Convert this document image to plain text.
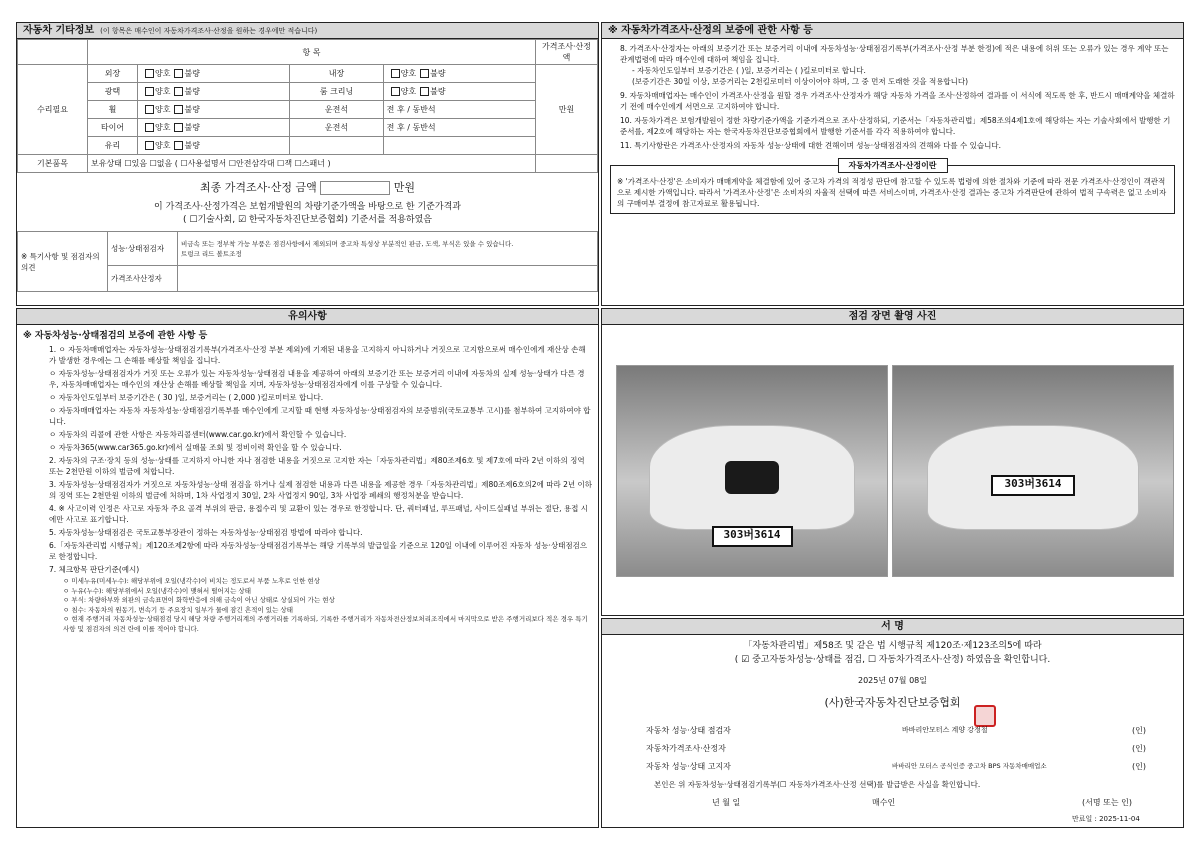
자동차 기타정보 (이 항목은 매수인이 자동차가격조사·산정을 원하는 경우에만 적습니다)
	항 목				가격조사·산정액
수리필요	외장	양호 불량	내장	양호 불량	만원
	광택	양호 불량	룸 크리닝	양호 불량	
	휠	양호 불량	운전석	전 후 / 동반석	
	타이어	양호 불량	운전석	전 후 / 동반석	
	유리	양호 불량			
기본품목	보유상태 ☐있음 ☐없음 ( ☐사용설명서 ☐안전삼각대 ☐잭 ☐스패너 )				
최종 가격조사·산정 금액	만원
이 가격조사·산정가격은 보험개발원의 차량기준가액을 바탕으로 한 기준가격과
( ☐기술사회, ☑ 한국자동차진단보증협회) 기준서를 적용하였음
※ 특기사항 및 점검자의 의견	성능·상태점검자	비금속 또는 정부착 가능 부품은 점검사항에서 제외되며 중고차 특성상 부분적인 판금, 도색, 부식은 있을 수 있습니다.
트렁크 리드 볼트조정
	가격조사산정자	
※ 자동차가격조사·산정의 보증에 관한 사항 등

8. 가격조사·산정자는 아래의 보증기간 또는 보증거리 이내에 자동차성능·상태점검기록부(가격조사·산정 부분 한정)에 적은 내용에 허위 또는 오류가 있는 경우 계약 또는 관계법령에 따라 매수인에 대하여 책임을 집니다.

- 자동차인도일부터 보증기간은 ( )일, 보증거리는 ( )킬로미터로 합니다.

(보증기간은 30일 이상, 보증거리는 2천킬로미터 이상이어야 하며, 그 중 먼저 도래한 것을 적용합니다)

9. 자동차매매업자는 매수인이 가격조사·산정을 원할 경우 가격조사·산정자가 해당 자동차 가격을 조사·산정하여 결과를 이 서식에 적도록 한 후, 반드시 매매계약을 체결하기 전에 매수인에게 서면으로 고지하여야 합니다.

10. 자동차가격은 보험개발원이 정한 차량기준가액을 기준가격으로 조사·산정하되, 기준서는「자동차관리법」제58조의4제1호에 해당하는 자는 기술사회에서 발행한 기준서를, 제2호에 해당하는 자는 한국자동차진단보증협회에서 발행한 기준서를 각각 적용하여야 합니다.

11. 특기사항란은 가격조사·산정자의 자동차 성능·상태에 대한 견해이며 성능·상태점검자의 견해와 다를 수 있습니다.

자동차가격조사·산정이란

※ '가격조사·산정'은 소비자가 매매계약을 체결함에 있어 중고차 가격의 적정성 판단에 참고할 수 있도록 법령에 의한 절차와 기준에 따라 전문 가격조사·산정인이 객관적으로 제시한 가액입니다. 따라서 '가격조사·산정'은 소비자의 자율적 선택에 따른 서비스이며, 가격조사·산정 결과는 중고차 가격판단에 관하여 법적 구속력은 없고 소비자의 구매여부 결정에 참고자료로 활용됩니다.

유의사항
※ 자동차성능·상태점검의 보증에 관한 사항 등
1. ㅇ 자동차매매업자는 자동차성능·상태점검기록부(가격조사·산정 부분 제외)에 기재된 내용을 고지하지 아니하거나 거짓으로 고지함으로써 매수인에게 재산상 손해가 발생한 경우에는 그 손해를 배상할 책임을 집니다.
ㅇ 자동차성능·상태점검자가 거짓 또는 오류가 있는 자동차성능·상태점검 내용을 제공하여 아래의 보증기간 또는 보증거리 이내에 자동차의 실제 성능·상태가 다른 경우, 자동차매매업자는 매수인의 재산상 손해를 배상할 책임을 지며, 자동차성능·상태점검자에게 이를 구상할 수 있습니다.
ㅇ 자동차인도일부터 보증기간은 ( 30 )일, 보증거리는 ( 2,000 )킬로미터로 합니다.
ㅇ 자동차매매업자는 자동차 자동차성능·상태점검기록부를 매수인에게 고지할 때 현행 자동차성능·상태점검자의 보증범위(국토교통부 고시)를 첨부하여 고지하여야 합니다.
ㅇ 자동차의 리콜에 관한 사항은 자동차리콜센터(www.car.go.kr)에서 확인할 수 있습니다.
ㅇ 자동차365(www.car365.go.kr)에서 실매물 조회 및 정비이력 확인을 할 수 있습니다.
2. 자동차의 구조·장치 등의 성능·상태를 고지하지 아니한 자나 점검한 내용을 거짓으로 고지한 자는「자동차관리법」제80조제6호 및 제7호에 따라 2년 이하의 징역 또는 2천만원 이하의 벌금에 처합니다.
3. 자동차성능·상태점검자가 거짓으로 자동차성능·상태 점검을 하거나 실제 점검한 내용과 다른 내용을 제공한 경우「자동차관리법」제80조제6호의2에 따라 2년 이하의 징역 또는 2천만원 이하의 벌금에 처하며, 1차 사업정지 30일, 2차 사업정지 90일, 3차 사업장 폐쇄의 행정처분을 받습니다.
4. ※ 사고이력 인정은 사고로 자동차 주요 골격 부위의 판금, 용접수리 및 교환이 있는 경우로 한정합니다. 단, 쿼터패널, 루프패널, 사이드실패널 부위는 절단, 용접 시에만 사고로 표기합니다.
5. 자동차성능·상태점검은 국토교통부장관이 정하는 자동차성능·상태점검 방법에 따라야 합니다.
6.「자동차관리법 시행규칙」제120조제2항에 따라 자동차성능·상태점검기록부는 해당 기록부의 발급일을 기준으로 120일 이내에 이루어진 자동차 성능·상태점검으로 한정합니다.
7. 체크항목 판단기준(예시)

ㅇ 미세누유(미세누수): 해당부위에 오일(냉각수)이 비치는 정도로서 부품 노후로 인한 현상

ㅇ 누유(누수): 해당부위에서 오일(냉각수)이 맺혀서 떨어지는 상태

ㅇ 부식: 차량하부와 외판의 금속표면이 화학반응에 의해 금속이 아닌 상태로 상실되어 가는 현상

ㅇ 침수: 자동차의 원동기, 변속기 등 주요장치 일부가 물에 잠긴 흔적이 있는 상태

ㅇ 현재 주행거리 자동차성능·상태점검 당시 해당 차량 주행거리계의 주행거리를 기록하되, 기록한 주행거리가 자동차전산정보처리조직에서 마지막으로 받은 주행거리보다 적은 경우 특기사항 및 점검자의 의견 란에 이를 적어야 합니다.

점검 장면 촬영 사진
303버3614
303버3614
서 명
「자동차관리법」제58조 및 같은 법 시행규칙 제120조·제123조의5에 따라
( ☑ 중고자동차성능·상태를 점검, ☐ 자동차가격조사·산정) 하였음을 확인합니다.
2025년 07월 08일
(사)한국자동차진단보증협회
자동차 성능·상태 점검자	바바리안모터스 계양 강정철	(인)
자동차가격조사·산정자	(인)
자동차 성능·상태 고지자	바바리안 모터스 공식인증 중고차 BPS 자동차매매업소	(인)
본인은 위 자동차성능·상태점검기록부(☐ 자동차가격조사·산정 선택)를 발급받은 사실을 확인합니다.
년 월 일	매수인	(서명 또는 인)
만료일 : 2025-11-04
